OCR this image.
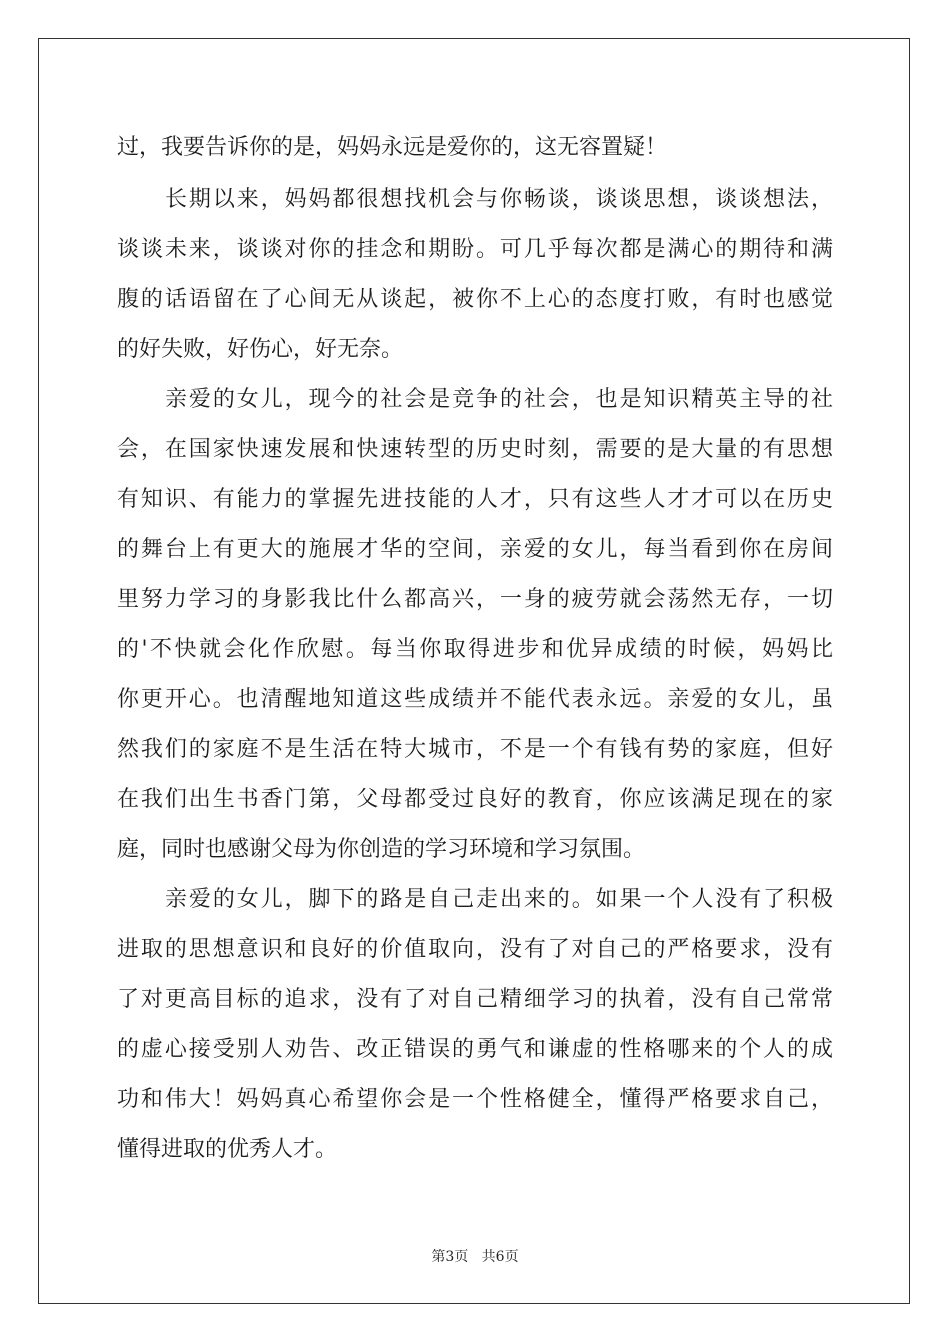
过，我要告诉你的是，妈妈永远是爱你的，这无容置疑！
长期以来，妈妈都很想找机会与你畅谈，谈谈思想，谈谈想法，
谈谈未来，谈谈对你的挂念和期盼。可几乎每次都是满心的期待和满
腹的话语留在了心间无从谈起，被你不上心的态度打败，有时也感觉
的好失败，好伤心，好无奈。
亲爱的女儿，现今的社会是竞争的社会，也是知识精英主导的社
会，在国家快速发展和快速转型的历史时刻，需要的是大量的有思想
有知识、有能力的掌握先进技能的人才，只有这些人才才可以在历史
的舞台上有更大的施展才华的空间，亲爱的女儿，每当看到你在房间
里努力学习的身影我比什么都高兴，一身的疲劳就会荡然无存，一切
的'不快就会化作欣慰。每当你取得进步和优异成绩的时候，妈妈比
你更开心。也清醒地知道这些成绩并不能代表永远。亲爱的女儿，虽
然我们的家庭不是生活在特大城市，不是一个有钱有势的家庭，但好
在我们出生书香门第，父母都受过良好的教育，你应该满足现在的家
庭，同时也感谢父母为你创造的学习环境和学习氛围。
亲爱的女儿，脚下的路是自己走出来的。如果一个人没有了积极
进取的思想意识和良好的价值取向，没有了对自己的严格要求，没有
了对更高目标的追求，没有了对自己精细学习的执着，没有自己常常
的虚心接受别人劝告、改正错误的勇气和谦虚的性格哪来的个人的成
功和伟大！妈妈真心希望你会是一个性格健全，懂得严格要求自己，
懂得进取的优秀人才。
第3页   共6页
